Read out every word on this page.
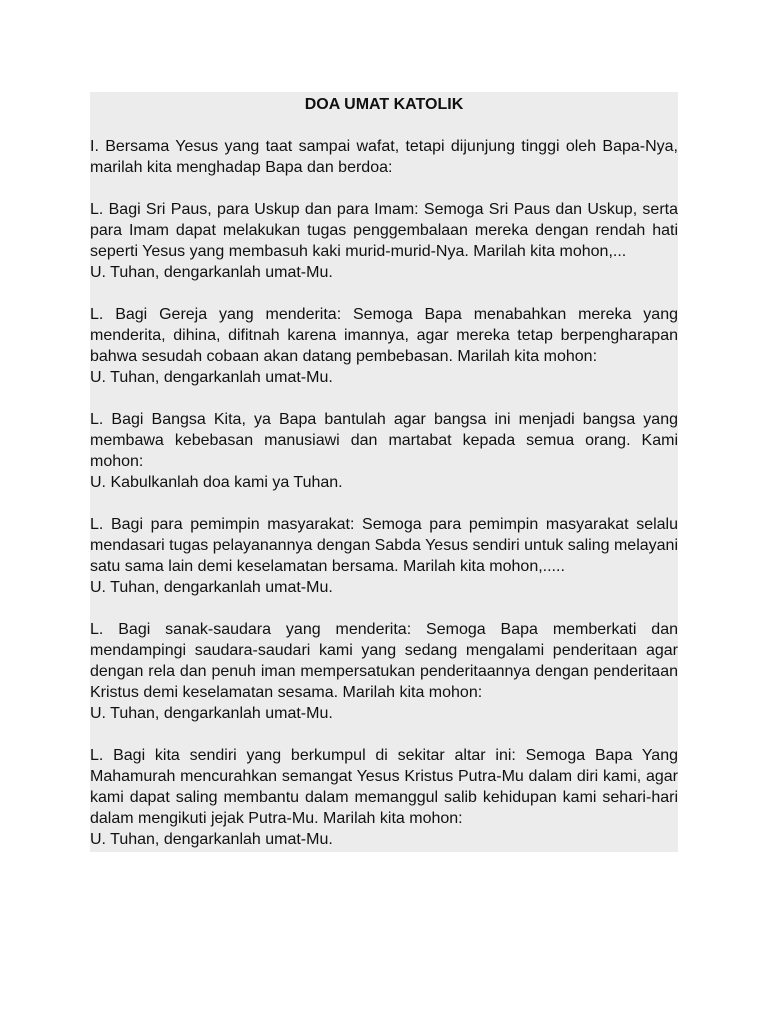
DOA UMAT KATOLIK

I. Bersama Yesus yang taat sampai wafat, tetapi dijunjung tinggi oleh Bapa-Nya, marilah kita menghadap Bapa dan berdoa:

L. Bagi Sri Paus, para Uskup dan para Imam: Semoga Sri Paus dan Uskup, serta para Imam dapat melakukan tugas penggembalaan mereka dengan rendah hati seperti Yesus yang membasuh kaki murid-murid-Nya. Marilah kita mohon,...
U. Tuhan, dengarkanlah umat-Mu.
L. Bagi Gereja yang menderita: Semoga Bapa menabahkan mereka yang menderita, dihina, difitnah karena imannya, agar mereka tetap berpengharapan bahwa sesudah cobaan akan datang pembebasan. Marilah kita mohon:
U. Tuhan, dengarkanlah umat-Mu.
L. Bagi Bangsa Kita, ya Bapa bantulah agar bangsa ini menjadi bangsa yang membawa kebebasan manusiawi dan martabat kepada semua orang. Kami mohon:
U. Kabulkanlah doa kami ya Tuhan.
L. Bagi para pemimpin masyarakat: Semoga para pemimpin masyarakat selalu mendasari tugas pelayanannya dengan Sabda Yesus sendiri untuk saling melayani satu sama lain demi keselamatan bersama. Marilah kita mohon,.....
U. Tuhan, dengarkanlah umat-Mu.
L. Bagi sanak-saudara yang menderita: Semoga Bapa memberkati dan mendampingi saudara-saudari kami yang sedang mengalami penderitaan agar dengan rela dan penuh iman mempersatukan penderitaannya dengan penderitaan Kristus demi keselamatan sesama. Marilah kita mohon:
U. Tuhan, dengarkanlah umat-Mu.
L. Bagi kita sendiri yang berkumpul di sekitar altar ini: Semoga Bapa Yang Mahamurah mencurahkan semangat Yesus Kristus Putra-Mu dalam diri kami, agar kami dapat saling membantu dalam memanggul salib kehidupan kami sehari-hari dalam mengikuti jejak Putra-Mu. Marilah kita mohon:
U. Tuhan, dengarkanlah umat-Mu.
